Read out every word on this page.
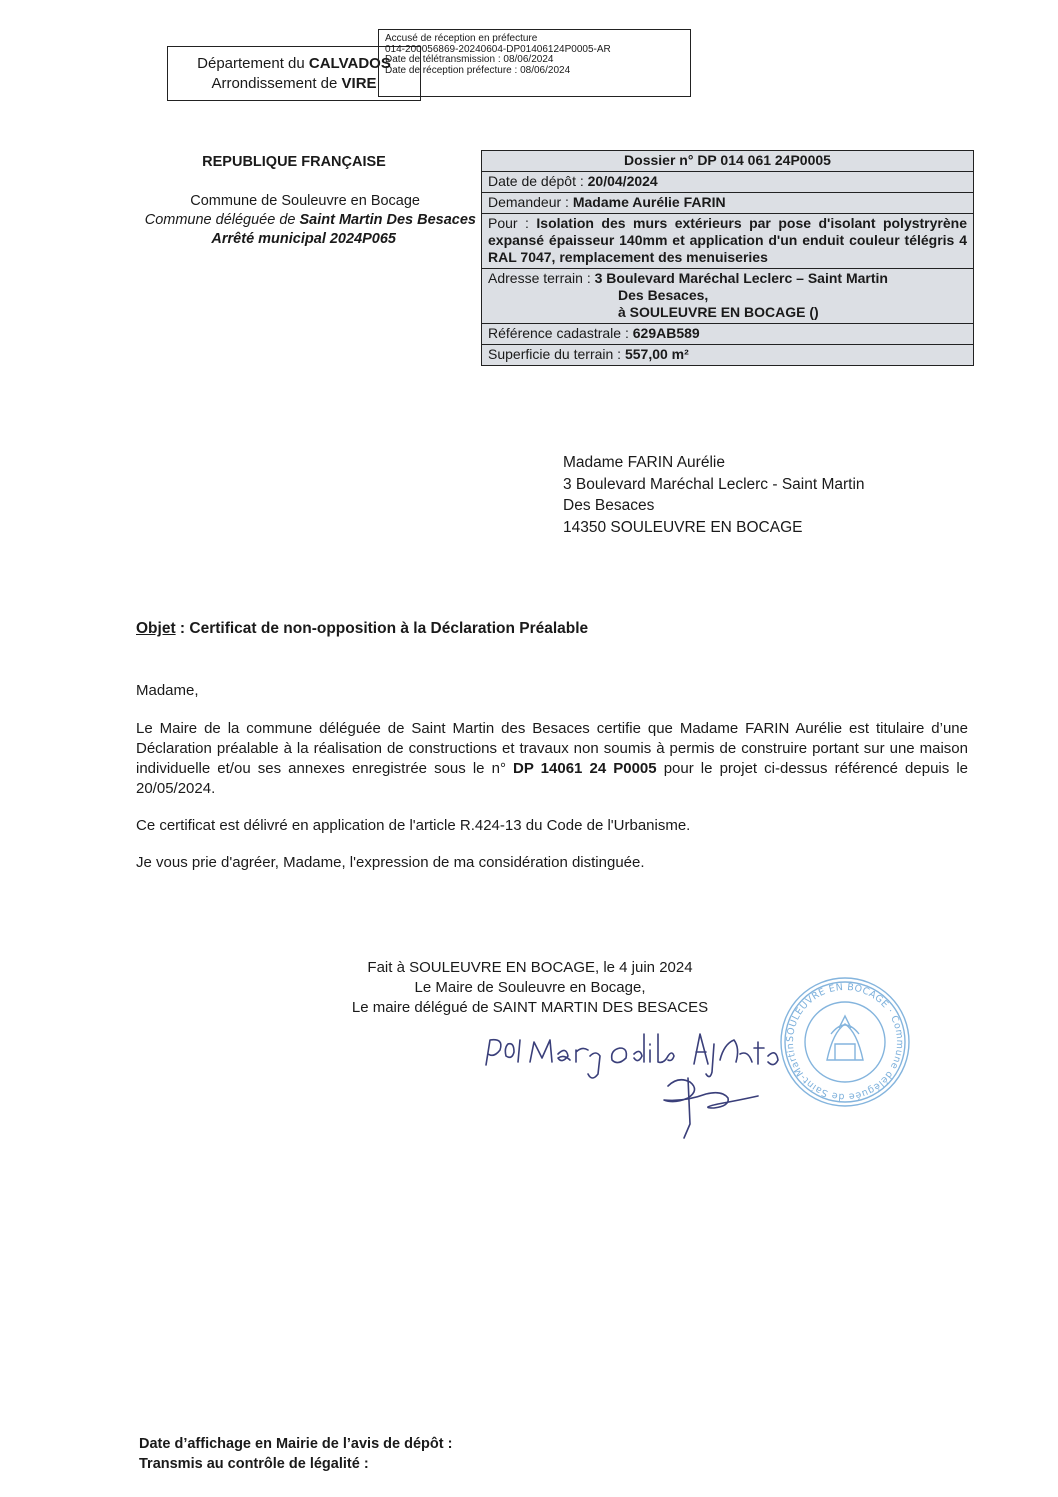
Département du CALVADOS
Arrondissement de VIRE
Accusé de réception en préfecture
014-200056869-20240604-DP01406124P0005-AR
Date de télétransmission : 08/06/2024
Date de réception préfecture : 08/06/2024
REPUBLIQUE FRANÇAISE
Commune de Souleuvre en Bocage
Commune déléguée de Saint Martin Des Besaces
Arrêté municipal 2024P065
Dossier n° DP 014 061 24P0005
Date de dépôt : 20/04/2024
Demandeur : Madame Aurélie FARIN
Pour : Isolation des murs extérieurs par pose d'isolant polystryrène expansé épaisseur 140mm et application d'un enduit couleur télégris 4 RAL 7047, remplacement des menuiseries
Adresse terrain : 3 Boulevard Maréchal Leclerc – Saint Martin
Des Besaces,
à SOULEUVRE EN BOCAGE ()
Référence cadastrale : 629AB589
Superficie du terrain : 557,00 m²
Madame FARIN Aurélie
3 Boulevard Maréchal Leclerc - Saint Martin
Des Besaces
14350 SOULEUVRE EN BOCAGE
Objet : Certificat de non-opposition à la Déclaration Préalable

Madame,

Le Maire de la commune déléguée de Saint Martin des Besaces certifie que Madame FARIN Aurélie est titulaire d’une Déclaration préalable à la réalisation de constructions et travaux non soumis à permis de construire portant sur une maison individuelle et/ou ses annexes enregistrée sous le n° DP 14061 24 P0005 pour le projet ci-dessus référencé depuis le 20/05/2024.

Ce certificat est délivré en application de l'article R.424-13 du Code de l'Urbanisme.

Je vous prie d'agréer, Madame, l'expression de ma considération distinguée.

Fait à SOULEUVRE EN BOCAGE, le 4 juin 2024
Le Maire de Souleuvre en Bocage,
Le maire délégué de SAINT MARTIN DES BESACES
SOULEUVRE EN BOCAGE · Commune déléguée de Saint-Martin
Date d’affichage en Mairie de l’avis de dépôt :
Transmis au contrôle de légalité :
